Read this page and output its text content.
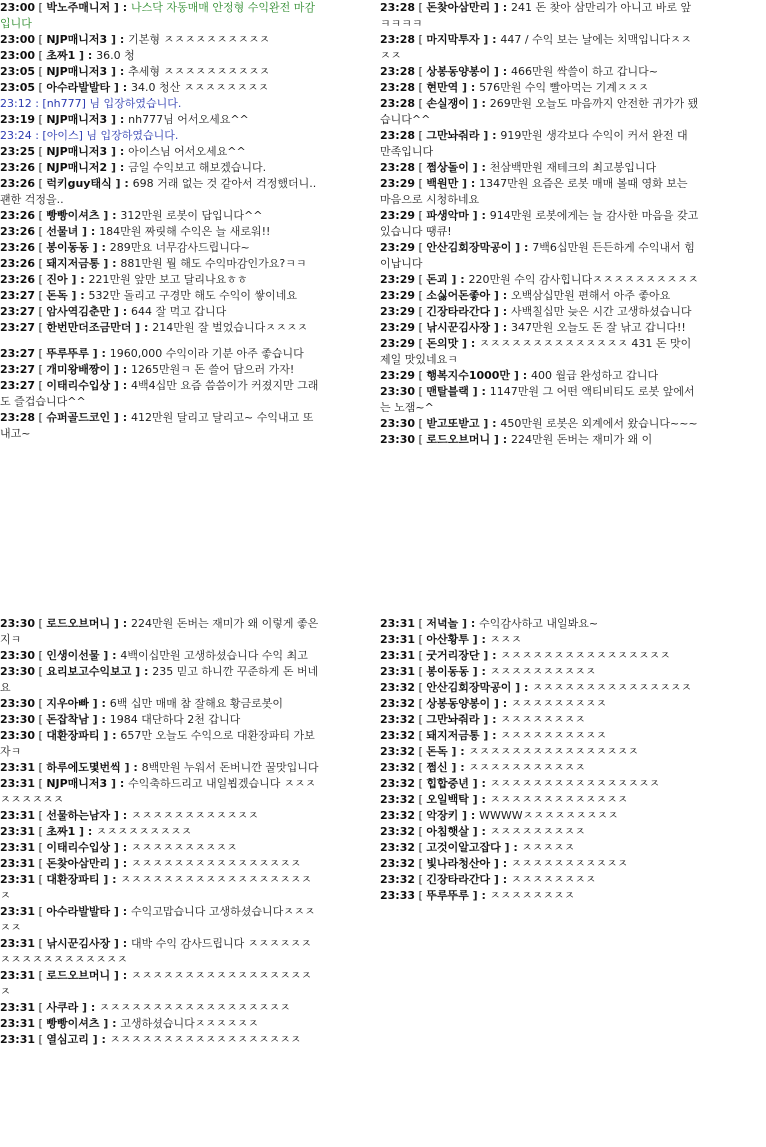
23:00 [ 박노주매니저 ] : 나스닥 자동매매 안정형 수익완전 마감입니다
23:00 [ NJP매니저3 ] : 기본형 ㅈㅈㅈㅈㅈㅈㅈㅈㅈㅈ
23:00 [ 초짜1 ] : 36.0 청
23:05 [ NJP매니저3 ] : 추세형 ㅈㅈㅈㅈㅈㅈㅈㅈㅈㅈ
23:05 [ 아수라발발타 ] : 34.0 청산 ㅈㅈㅈㅈㅈㅈㅈㅈ
23:12 : [nh777] 님 입장하였습니다.
23:19 [ NJP매니저3 ] : nh777님 어서오세요^^
23:24 : [아이스] 님 입장하였습니다.
23:25 [ NJP매니저3 ] : 아이스님 어서오세요^^
23:26 [ NJP매니저2 ] : 금일 수익보고 해보겠습니다.
23:26 [ 럭키guy태식 ] : 698 거래 없는 것 같아서 걱정했더니.. 괜한 걱정을..
23:26 [ 빵빵이셔츠 ] : 312만원 로봇이 답입니다^^
23:26 [ 선물녀 ] : 184만원 짜릿해 수익은 늘 새로워!!
23:26 [ 봉이동동 ] : 289만요 너무감사드립니다~
23:26 [ 돼지저금통 ] : 881만원 뭘 해도 수익마감인가요?ㅋㅋ
23:26 [ 진아 ] : 221만원 앞만 보고 달리나요ㅎㅎ
23:27 [ 돈독 ] : 532만 돌리고 구경만 해도 수익이 쌓이네요
23:27 [ 암사역김춘만 ] : 644 잘 먹고 갑니다
23:27 [ 한번만더조금만더 ] : 214만원 잘 벌었습니다ㅈㅈㅈㅈ
23:27 [ 뚜루뚜루 ] : 1960,000 수익이라 기분 아주 좋습니다
23:27 [ 개미왕배짱이 ] : 1265만원ㅋ 돈 쓸어 담으러 가자!
23:27 [ 이태리수입상 ] : 4백4십만 요즘 씀씀이가 커졌지만 그래도 즐겁습니다^^
23:28 [ 슈퍼골드코인 ] : 412만원 달리고 달리고~ 수익내고 또 내고~
23:28 [ 돈찾아삼만리 ] : 241 돈 찾아 삼만리가 아니고 바로 앞ㅋㅋㅋㅋ
23:28 [ 마지막투자 ] : 447 / 수익 보는 날에는 치맥입니다ㅈㅈㅈㅈ
23:28 [ 상봉동양봉이 ] : 466만원 싹쓸이 하고 갑니다~
23:28 [ 현만역 ] : 576만원 수익 빨아먹는 기계ㅈㅈㅈ
23:28 [ 손실쟁이 ] : 269만원 오늘도 마음까지 안전한 귀가가 됐습니다^^
23:28 [ 그만놔줘라 ] : 919만원 생각보다 수익이 커서 완전 대 만족입니다
23:28 [ 쩜상돌이 ] : 천삼백만원 재테크의 최고봉입니다
23:29 [ 백원만 ] : 1347만원 요즘은 로봇 매매 볼때 영화 보는 마음으로 시청하네요
23:29 [ 파생악마 ] : 914만원 로봇에게는 늘 감사한 마음을 갖고 있습니다 땡큐!
23:29 [ 안산김회장막공이 ] : 7백6십만원 든든하게 수익내서 힘이납니다
23:29 [ 돈괴 ] : 220만원 수익 감사힙니다ㅈㅈㅈㅈㅈㅈㅈㅈㅈㅈ
23:29 [ 소싫어돈좋아 ] : 오백삼십만원 편해서 아주 좋아요
23:29 [ 긴장타라간다 ] : 사백칠십만 늦은 시간 고생하셨습니다
23:29 [ 낚시꾼김사장 ] : 347만원 오늘도 돈 잘 낚고 갑니다!!
23:29 [ 돈의맛 ] : ㅈㅈㅈㅈㅈㅈㅈㅈㅈㅈㅈㅈㅈㅈ 431 돈 맛이 제일 맛있네요ㅋ
23:29 [ 행복지수1000만 ] : 400 월급 완성하고 갑니다
23:30 [ 맨탈블랙 ] : 1147만원 그 어떤 액티비티도 로봇 앞에서는 노잼~^
23:30 [ 받고또받고 ] : 450만원 로봇은 외계에서 왔습니다~~~
23:30 [ 로드오브머니 ] : 224만원 돈버는 재미가 왜 이
23:30 [ 로드오브머니 ] : 224만원 돈버는 재미가 왜 이렇게 좋은지ㅋ
23:30 [ 인생이선물 ] : 4백이십만원 고생하셨습니다 수익 최고
23:30 [ 요리보고수익보고 ] : 235 믿고 하니깐 꾸준하게 돈 버네요
23:30 [ 지우아빠 ] : 6백 십만 매매 참 잘해요 황금로봇이
23:30 [ 돈잡착남 ] : 1984 대단하다 2천 갑니다
23:30 [ 대환장파티 ] : 657만 오늘도 수익으로 대환장파티 가보자ㅋ
23:31 [ 하루에도몇번씩 ] : 8백만원 누워서 돈버니깐 꿀맛입니다
23:31 [ NJP매니저3 ] : 수익축하드리고 내일뵙겠습니다 ㅈㅈㅈㅈㅈㅈㅈㅈㅈ
23:31 [ 선물하는남자 ] : ㅈㅈㅈㅈㅈㅈㅈㅈㅈㅈㅈㅈ
23:31 [ 초짜1 ] : ㅈㅈㅈㅈㅈㅈㅈㅈㅈ
23:31 [ 이태리수입상 ] : ㅈㅈㅈㅈㅈㅈㅈㅈㅈㅈ
23:31 [ 돈찾아삼만리 ] : ㅈㅈㅈㅈㅈㅈㅈㅈㅈㅈㅈㅈㅈㅈㅈㅈ
23:31 [ 대환장파티 ] : ㅈㅈㅈㅈㅈㅈㅈㅈㅈㅈㅈㅈㅈㅈㅈㅈㅈㅈㅈ
23:31 [ 아수라발발타 ] : 수익고맙습니다 고생하셨습니다ㅈㅈㅈㅈㅈ
23:31 [ 낚시꾼김사장 ] : 대박 수익 감사드립니다 ㅈㅈㅈㅈㅈㅈㅈㅈㅈㅈㅈㅈㅈㅈㅈㅈㅈㅈ
23:31 [ 로드오브머니 ] : ㅈㅈㅈㅈㅈㅈㅈㅈㅈㅈㅈㅈㅈㅈㅈㅈㅈㅈ
23:31 [ 사쿠라 ] : ㅈㅈㅈㅈㅈㅈㅈㅈㅈㅈㅈㅈㅈㅈㅈㅈㅈㅈ
23:31 [ 빵빵이셔츠 ] : 고생하셨습니다ㅈㅈㅈㅈㅈㅈ
23:31 [ 열심고리 ] : ㅈㅈㅈㅈㅈㅈㅈㅈㅈㅈㅈㅈㅈㅈㅈㅈㅈㅈ
23:31 [ 저녁놀 ] : 수익감사하고 내일봐요~
23:31 [ 아산황투 ] : ㅈㅈㅈ
23:31 [ 굿거리장단 ] : ㅈㅈㅈㅈㅈㅈㅈㅈㅈㅈㅈㅈㅈㅈㅈㅈ
23:31 [ 봉이동동 ] : ㅈㅈㅈㅈㅈㅈㅈㅈㅈㅈ
23:32 [ 안산김회장막공이 ] : ㅈㅈㅈㅈㅈㅈㅈㅈㅈㅈㅈㅈㅈㅈㅈ
23:32 [ 상봉동양봉이 ] : ㅈㅈㅈㅈㅈㅈㅈㅈㅈ
23:32 [ 그만놔줘라 ] : ㅈㅈㅈㅈㅈㅈㅈㅈ
23:32 [ 돼지저금통 ] : ㅈㅈㅈㅈㅈㅈㅈㅈㅈㅈ
23:32 [ 돈독 ] : ㅈㅈㅈㅈㅈㅈㅈㅈㅈㅈㅈㅈㅈㅈㅈㅈ
23:32 [ 쩜신 ] : ㅈㅈㅈㅈㅈㅈㅈㅈㅈㅈㅈ
23:32 [ 힙합중년 ] : ㅈㅈㅈㅈㅈㅈㅈㅈㅈㅈㅈㅈㅈㅈㅈㅈ
23:32 [ 오일백탁 ] : ㅈㅈㅈㅈㅈㅈㅈㅈㅈㅈㅈㅈㅈ
23:32 [ 악장키 ] : WWWWㅈㅈㅈㅈㅈㅈㅈㅈㅈ
23:32 [ 아침햇살 ] : ㅈㅈㅈㅈㅈㅈㅈㅈㅈ
23:32 [ 고것이알고잡다 ] : ㅈㅈㅈㅈㅈ
23:32 [ 빛나라청산아 ] : ㅈㅈㅈㅈㅈㅈㅈㅈㅈㅈㅈ
23:32 [ 긴장타라간다 ] : ㅈㅈㅈㅈㅈㅈㅈㅈ
23:33 [ 뚜루뚜루 ] : ㅈㅈㅈㅈㅈㅈㅈㅈ
